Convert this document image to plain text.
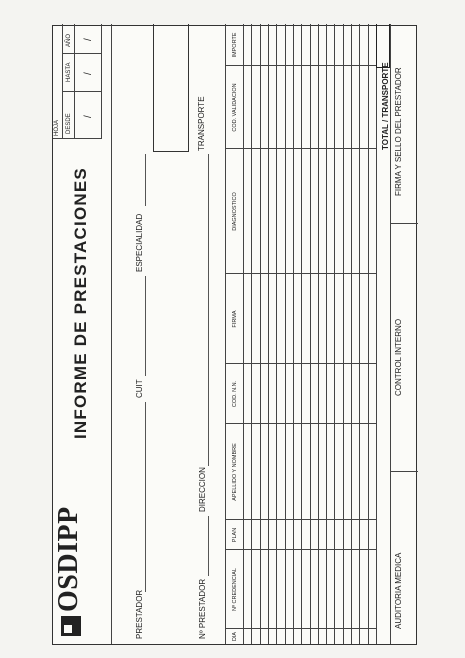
OSDIPP
INFORME DE PRESTACIONES
HOJA DESDE
HASTA
AÑO
/
/
/
PRESTADOR
CUIT
ESPECIALIDAD
TRANSPORTE
Nº PRESTADOR
DIRECCION
DIA
Nº CREDENCIAL
PLAN
APELLIDO Y NOMBRE
COD. N.N.
FIRMA
DIAGNOSTICO
COD. VALIDACION
IMPORTE
TOTAL / TRANSPORTE
AUDITORIA MEDICA
CONTROL INTERNO
FIRMA Y SELLO DEL PRESTADOR
